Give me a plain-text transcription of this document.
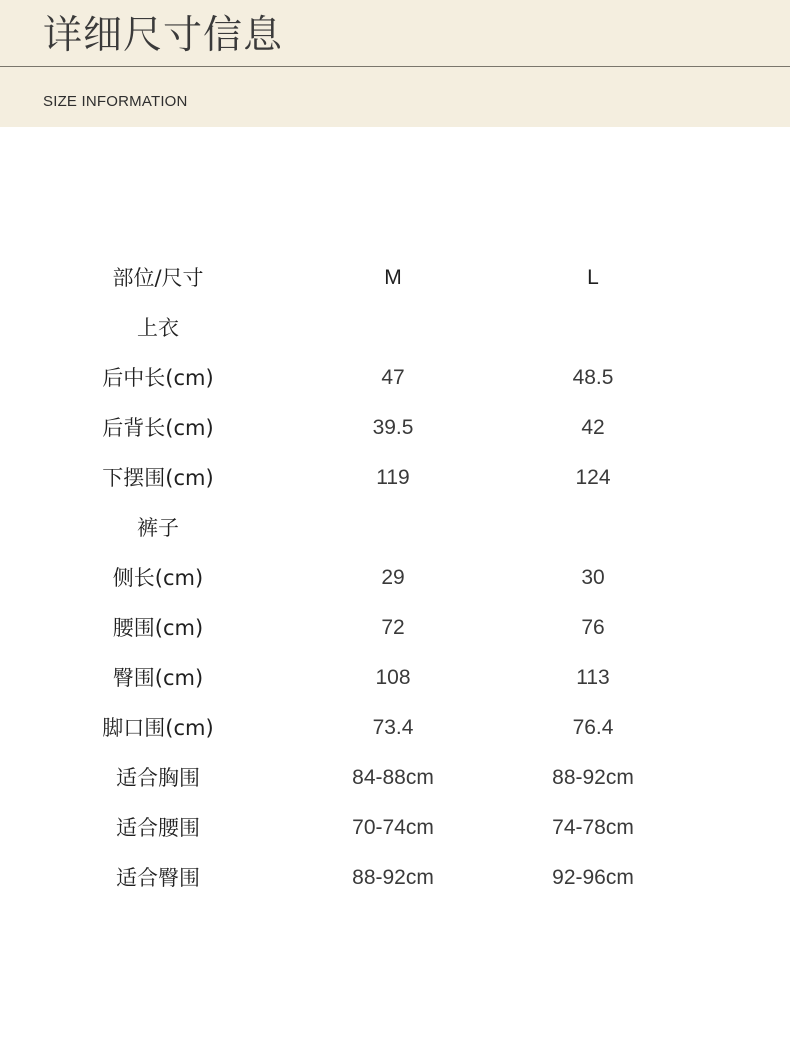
详细尺寸信息
SIZE INFORMATION
部位/尺寸	M	L
上衣
后中长(cm)	47	48.5
后背长(cm)	39.5	42
下摆围(cm)	119	124
裤子
侧长(cm)	29	30
腰围(cm)	72	76
臀围(cm)	108	113
脚口围(cm)	73.4	76.4
适合胸围	84-88cm	88-92cm
适合腰围	70-74cm	74-78cm
适合臀围	88-92cm	92-96cm
